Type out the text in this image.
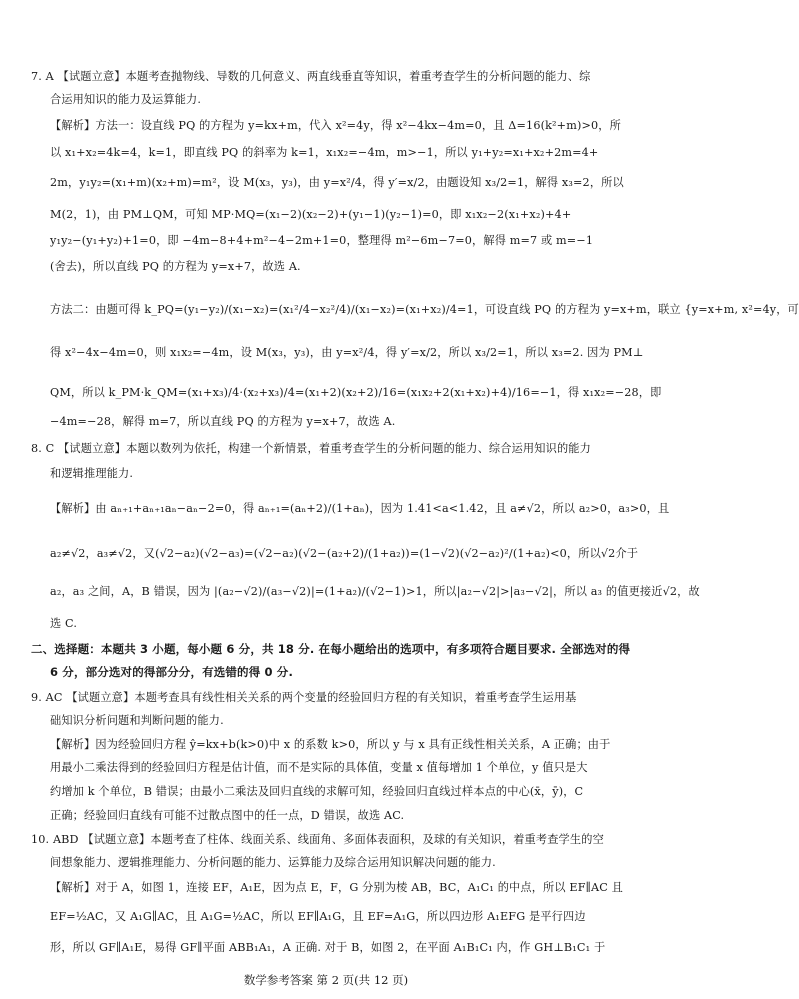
7. A 【试题立意】本题考查抛物线、导数的几何意义、两直线垂直等知识，着重考查学生的分析问题的能力、综
合运用知识的能力及运算能力.
【解析】方法一：设直线 PQ 的方程为 y=kx+m，代入 x²=4y，得 x²−4kx−4m=0，且 Δ=16(k²+m)>0，所
以 x₁+x₂=4k=4，k=1，即直线 PQ 的斜率为 k=1，x₁x₂=−4m，m>−1，所以 y₁+y₂=x₁+x₂+2m=4+
2m，y₁y₂=(x₁+m)(x₂+m)=m²，设 M(x₃，y₃)，由 y=x²/4，得 y′=x/2，由题设知 x₃/2=1，解得 x₃=2，所以
M(2，1)，由 PM⊥QM，可知 MP·MQ=(x₁−2)(x₂−2)+(y₁−1)(y₂−1)=0，即 x₁x₂−2(x₁+x₂)+4+
y₁y₂−(y₁+y₂)+1=0，即 −4m−8+4+m²−4−2m+1=0，整理得 m²−6m−7=0，解得 m=7 或 m=−1
(舍去)，所以直线 PQ 的方程为 y=x+7，故选 A.
方法二：由题可得 k_PQ=(y₁−y₂)/(x₁−x₂)=(x₁²/4−x₂²/4)/(x₁−x₂)=(x₁+x₂)/4=1，可设直线 PQ 的方程为 y=x+m，联立 {y=x+m, x²=4y，可
得 x²−4x−4m=0，则 x₁x₂=−4m，设 M(x₃，y₃)，由 y=x²/4，得 y′=x/2，所以 x₃/2=1，所以 x₃=2. 因为 PM⊥
QM，所以 k_PM·k_QM=(x₁+x₃)/4·(x₂+x₃)/4=(x₁+2)(x₂+2)/16=(x₁x₂+2(x₁+x₂)+4)/16=−1，得 x₁x₂=−28，即
−4m=−28，解得 m=7，所以直线 PQ 的方程为 y=x+7，故选 A.
8. C 【试题立意】本题以数列为依托，构建一个新情景，着重考查学生的分析问题的能力、综合运用知识的能力
和逻辑推理能力.
【解析】由 aₙ₊₁+aₙ₊₁aₙ−aₙ−2=0，得 aₙ₊₁=(aₙ+2)/(1+aₙ)，因为 1.41<a<1.42，且 a≠√2，所以 a₂>0，a₃>0，且
a₂≠√2，a₃≠√2，又(√2−a₂)(√2−a₃)=(√2−a₂)(√2−(a₂+2)/(1+a₂))=(1−√2)(√2−a₂)²/(1+a₂)<0，所以√2介于
a₂，a₃ 之间，A，B 错误，因为 |(a₂−√2)/(a₃−√2)|=(1+a₂)/(√2−1)>1，所以|a₂−√2|>|a₃−√2|，所以 a₃ 的值更接近√2，故
选 C.
二、选择题：本题共 3 小题，每小题 6 分，共 18 分. 在每小题给出的选项中，有多项符合题目要求. 全部选对的得
6 分，部分选对的得部分分，有选错的得 0 分.
9. AC 【试题立意】本题考查具有线性相关关系的两个变量的经验回归方程的有关知识，着重考查学生运用基
础知识分析问题和判断问题的能力.
【解析】因为经验回归方程 ŷ=kx+b(k>0)中 x 的系数 k>0，所以 y 与 x 具有正线性相关关系，A 正确；由于
用最小二乘法得到的经验回归方程是估计值，而不是实际的具体值，变量 x 值每增加 1 个单位，y 值只是大
约增加 k 个单位，B 错误；由最小二乘法及回归直线的求解可知，经验回归直线过样本点的中心(x̄，ȳ)，C
正确；经验回归直线有可能不过散点图中的任一点，D 错误，故选 AC.
10. ABD 【试题立意】本题考查了柱体、线面关系、线面角、多面体表面积，及球的有关知识，着重考查学生的空
间想象能力、逻辑推理能力、分析问题的能力、运算能力及综合运用知识解决问题的能力.
【解析】对于 A，如图 1，连接 EF，A₁E，因为点 E，F，G 分别为棱 AB，BC，A₁C₁ 的中点，所以 EF∥AC 且
EF=½AC，又 A₁G∥AC，且 A₁G=½AC，所以 EF∥A₁G，且 EF=A₁G，所以四边形 A₁EFG 是平行四边
形，所以 GF∥A₁E，易得 GF∥平面 ABB₁A₁，A 正确. 对于 B，如图 2，在平面 A₁B₁C₁ 内，作 GH⊥B₁C₁ 于
数学参考答案 第 2 页(共 12 页)
